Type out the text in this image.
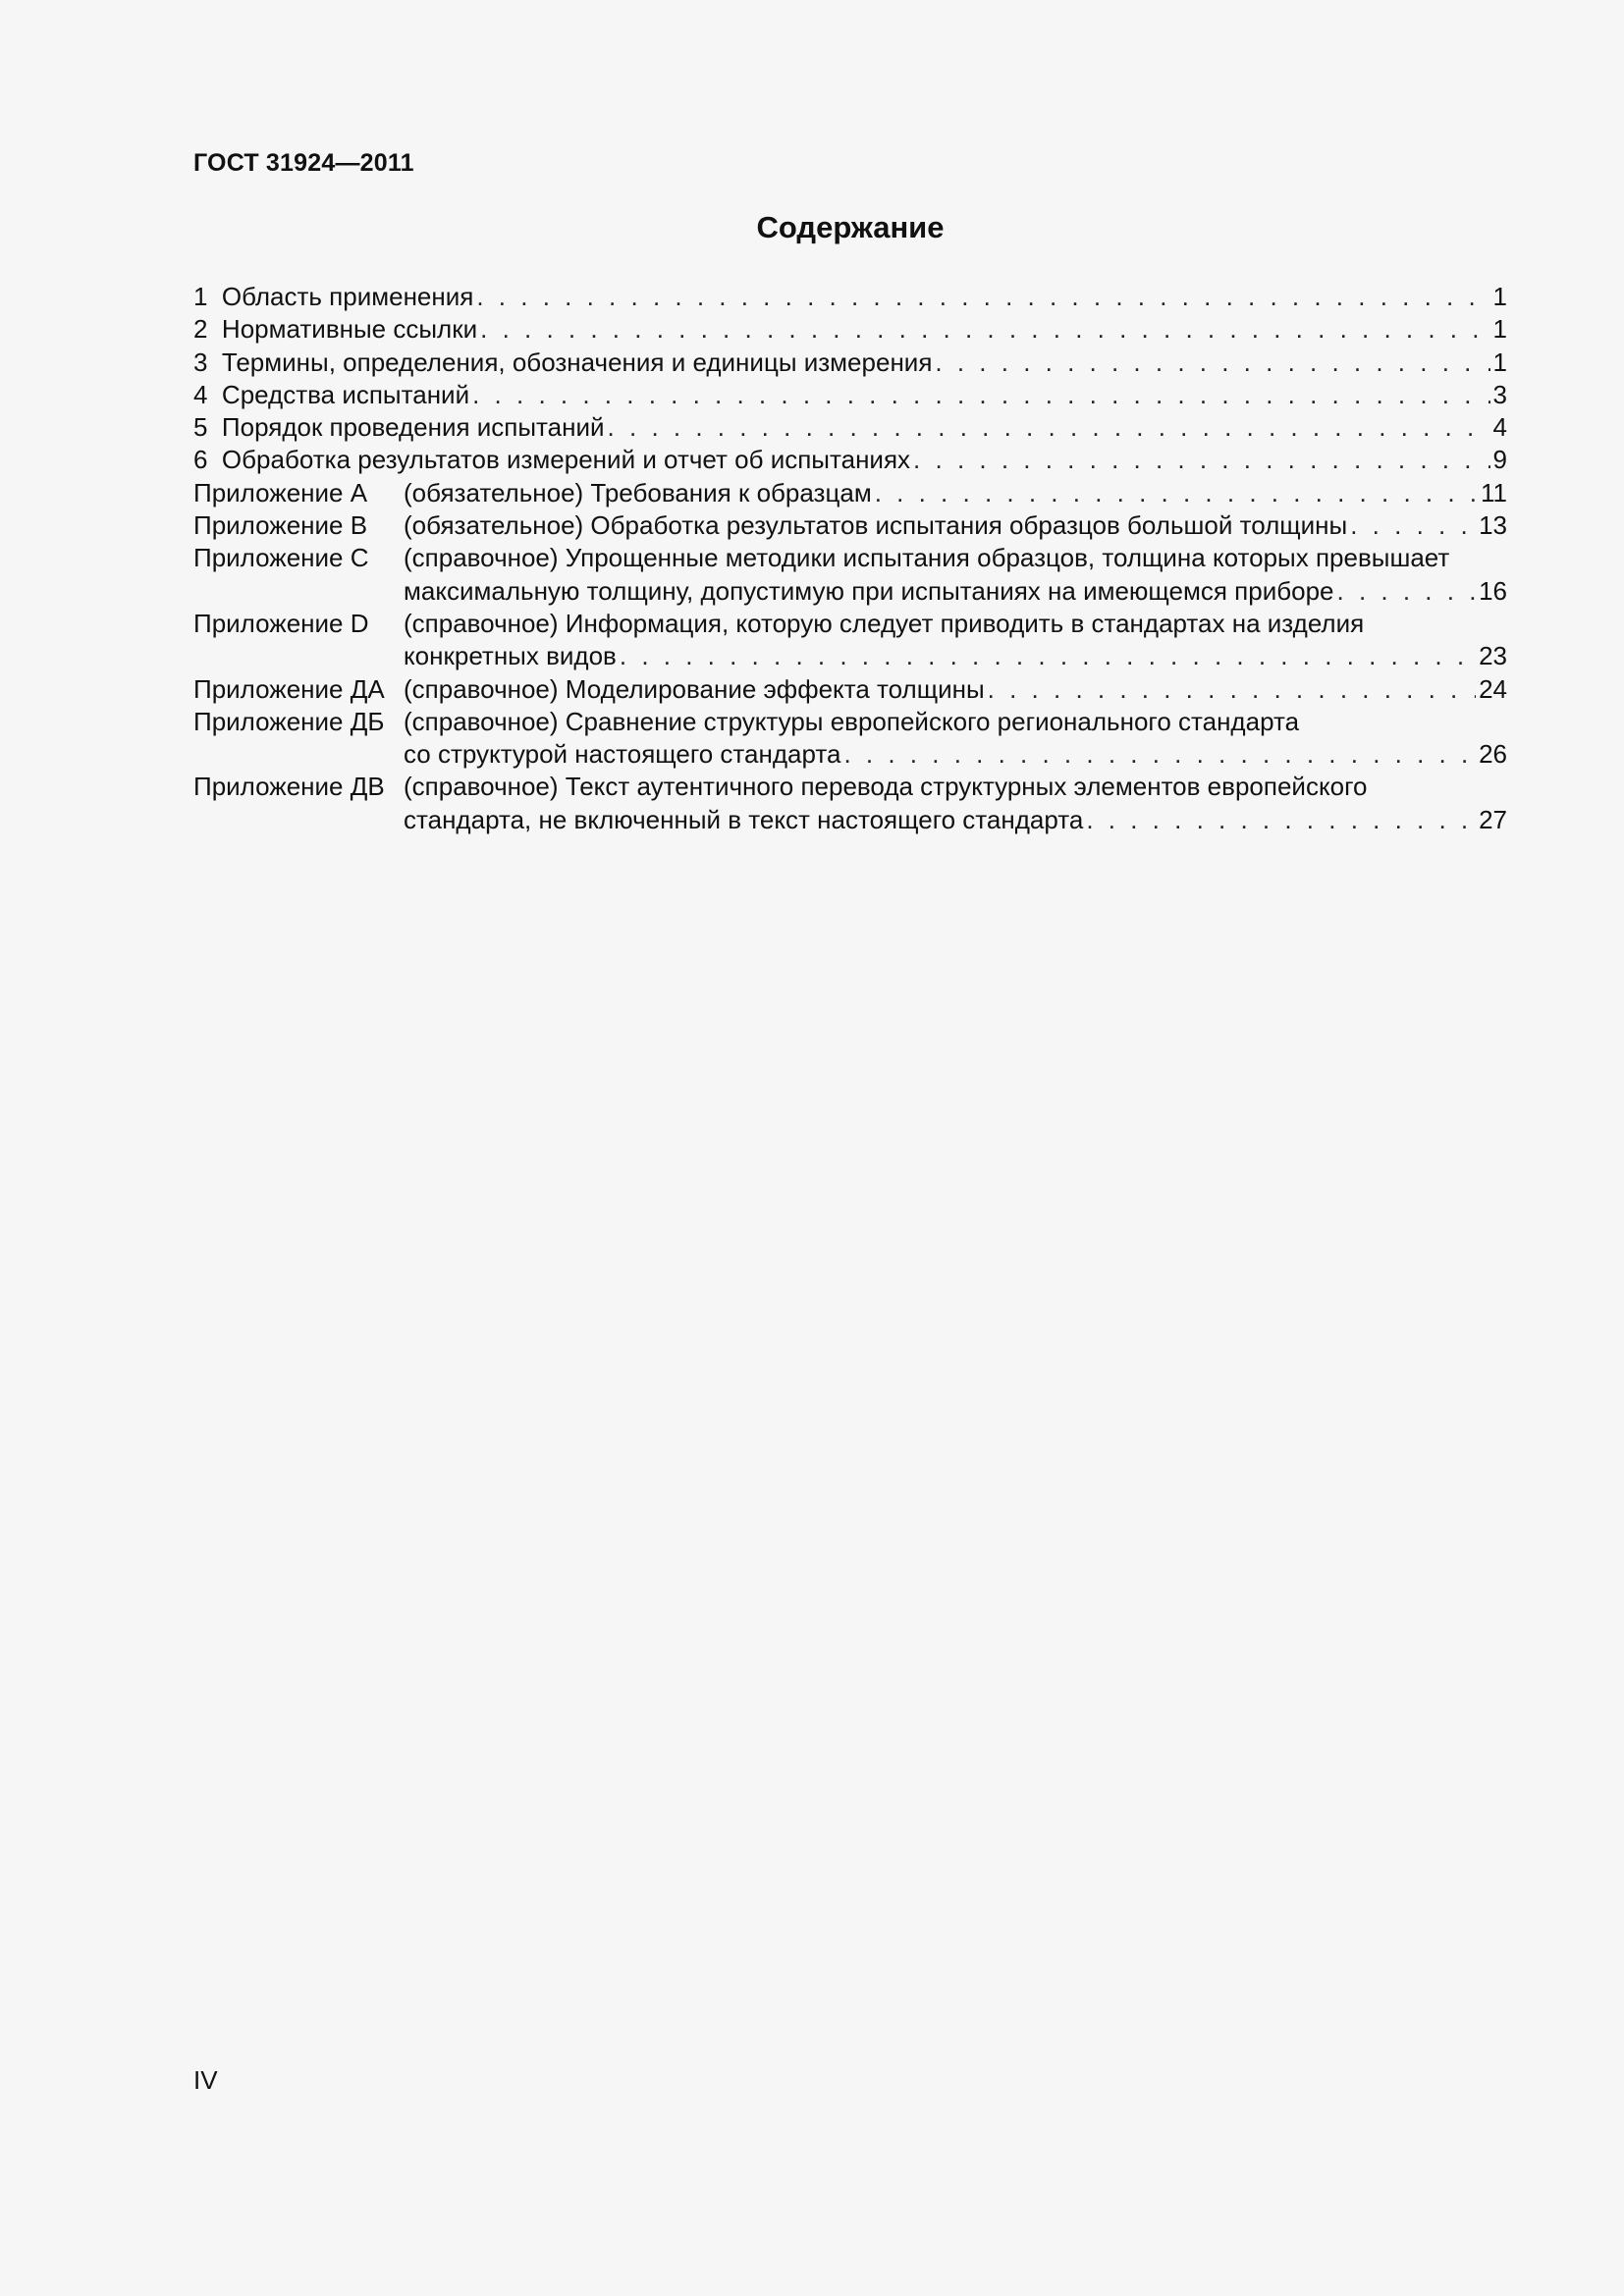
ГОСТ 31924—2011
Содержание
1 Область применения . . .	1
2 Нормативные ссылки . . .	1
3 Термины, определения, обозначения и единицы измерения . . .	1
4 Средства испытаний . . .	3
5 Порядок проведения испытаний . . .	4
6 Обработка результатов измерений и отчет об испытаниях . . .	9
Приложение А	(обязательное) Требования к образцам . . .	11
Приложение В	(обязательное) Обработка результатов испытания образцов большой толщины . . .	13
Приложение С	(справочное) Упрощенные методики испытания образцов, толщина которых превышает
максимальную толщину, допустимую при испытаниях на имеющемся приборе . . .	16
Приложение D	(справочное) Информация, которую следует приводить в стандартах на изделия
конкретных видов . . .	23
Приложение ДА (справочное) Моделирование эффекта толщины . . .	24
Приложение ДБ (справочное) Сравнение структуры европейского регионального стандарта
со структурой настоящего стандарта . . .	26
Приложение ДВ (справочное) Текст аутентичного перевода структурных элементов европейского
стандарта, не включенный в текст настоящего стандарта . . .	27
IV
